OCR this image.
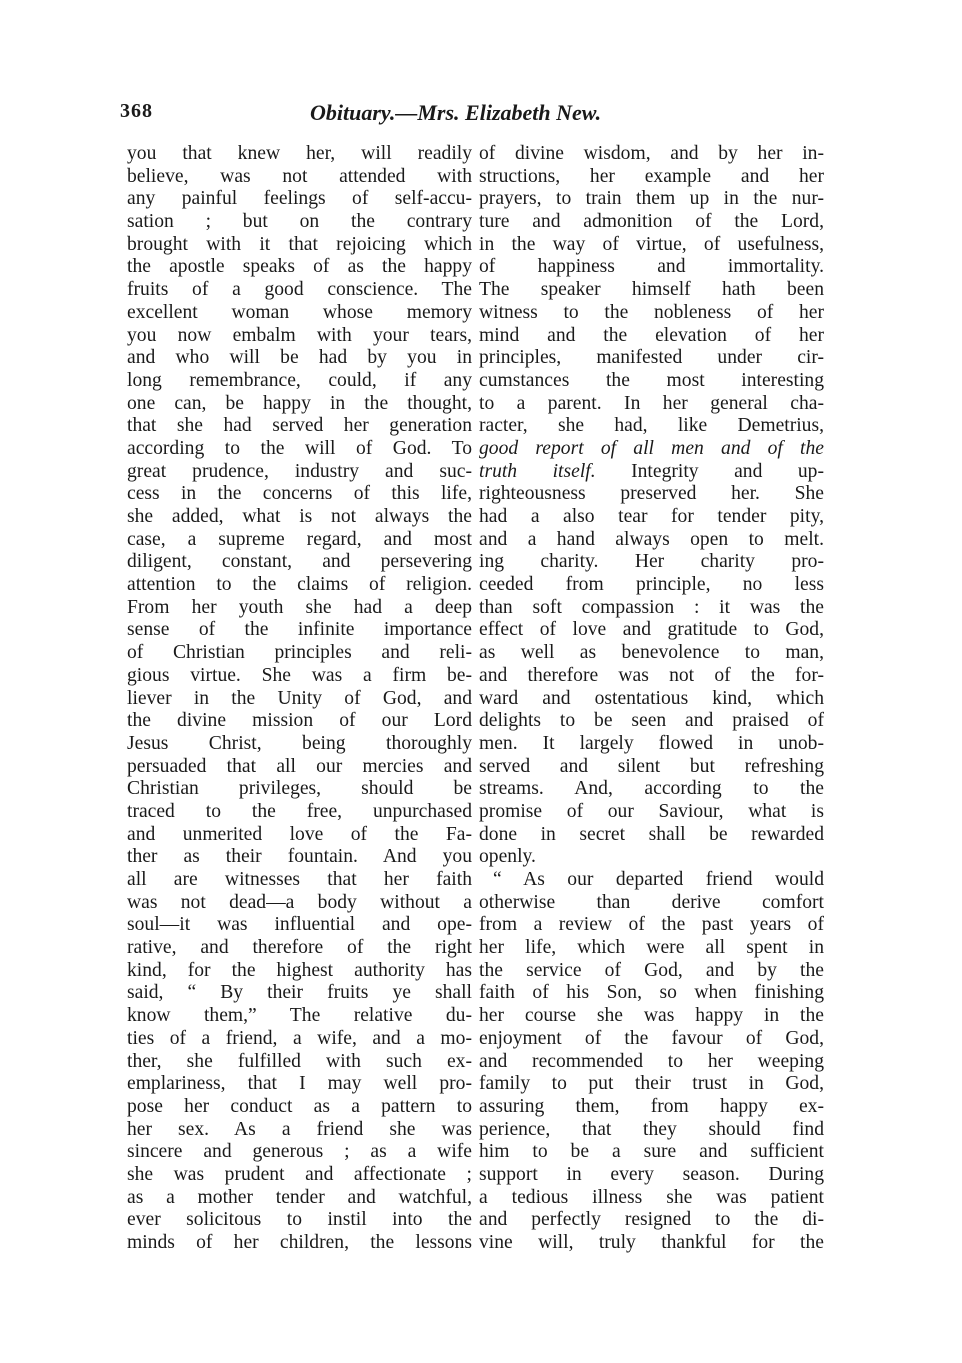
368	Obituary.—Mrs. Elizabeth New.
you that knew her, will readily
believe, was not attended with
any painful feelings of self-accu-
sation ; but on the contrary
brought with it that rejoicing which
the apostle speaks of as the happy
fruits of a good conscience. The
excellent woman whose memory
you now embalm with your tears,
and who will be had by you in
long remembrance, could, if any
one can, be happy in the thought,
that she had served her generation
according to the will of God. To
great prudence, industry and suc-
cess in the concerns of this life,
she added, what is not always the
case, a supreme regard, and most
diligent, constant, and persevering
attention to the claims of religion.
From her youth she had a deep
sense of the infinite importance
of Christian principles and reli-
gious virtue. She was a firm be-
liever in the Unity of God, and
the divine mission of our Lord
Jesus Christ, being thoroughly
persuaded that all our mercies and
Christian privileges, should be
traced to the free, unpurchased
and unmerited love of the Fa-
ther as their fountain. And you
all are witnesses that her faith
was not dead—a body without a
soul—it was influential and ope-
rative, and therefore of the right
kind, for the highest authority has
said, “ By their fruits ye shall
know them,” The relative du-
ties of a friend, a wife, and a mo-
ther, she fulfilled with such ex-
emplariness, that I may well pro-
pose her conduct as a pattern to
her sex. As a friend she was
sincere and generous ; as a wife
she was prudent and affectionate ;
as a mother tender and watchful,
ever solicitous to instil into the
minds of her children, the lessons
of divine wisdom, and by her in-
structions, her example and her
prayers, to train them up in the nur-
ture and admonition of the Lord,
in the way of virtue, of usefulness,
of happiness and immortality.
The speaker himself hath been
witness to the nobleness of her
mind and the elevation of her
principles, manifested under cir-
cumstances the most interesting
to a parent. In her general cha-
racter, she had, like Demetrius,
good report of all men and of the
truth itself. Integrity and up-
righteousness preserved her. She
had a also tear for tender pity,
and a hand always open to melt.
ing charity. Her charity pro-
ceeded from principle, no less
than soft compassion : it was the
effect of love and gratitude to God,
as well as benevolence to man,
and therefore was not of the for-
ward and ostentatious kind, which
delights to be seen and praised of
men. It largely flowed in unob-
served and silent but refreshing
streams. And, according to the
promise of our Saviour, what is
done in secret shall be rewarded
openly.
“ As our departed friend would
otherwise than derive comfort
from a review of the past years of
her life, which were all spent in
the service of God, and by the
faith of his Son, so when finishing
her course she was happy in the
enjoyment of the favour of God,
and recommended to her weeping
family to put their trust in God,
assuring them, from happy ex-
perience, that they should find
him to be a sure and sufficient
support in every season. During
a tedious illness she was patient
and perfectly resigned to the di-
vine will, truly thankful for the
